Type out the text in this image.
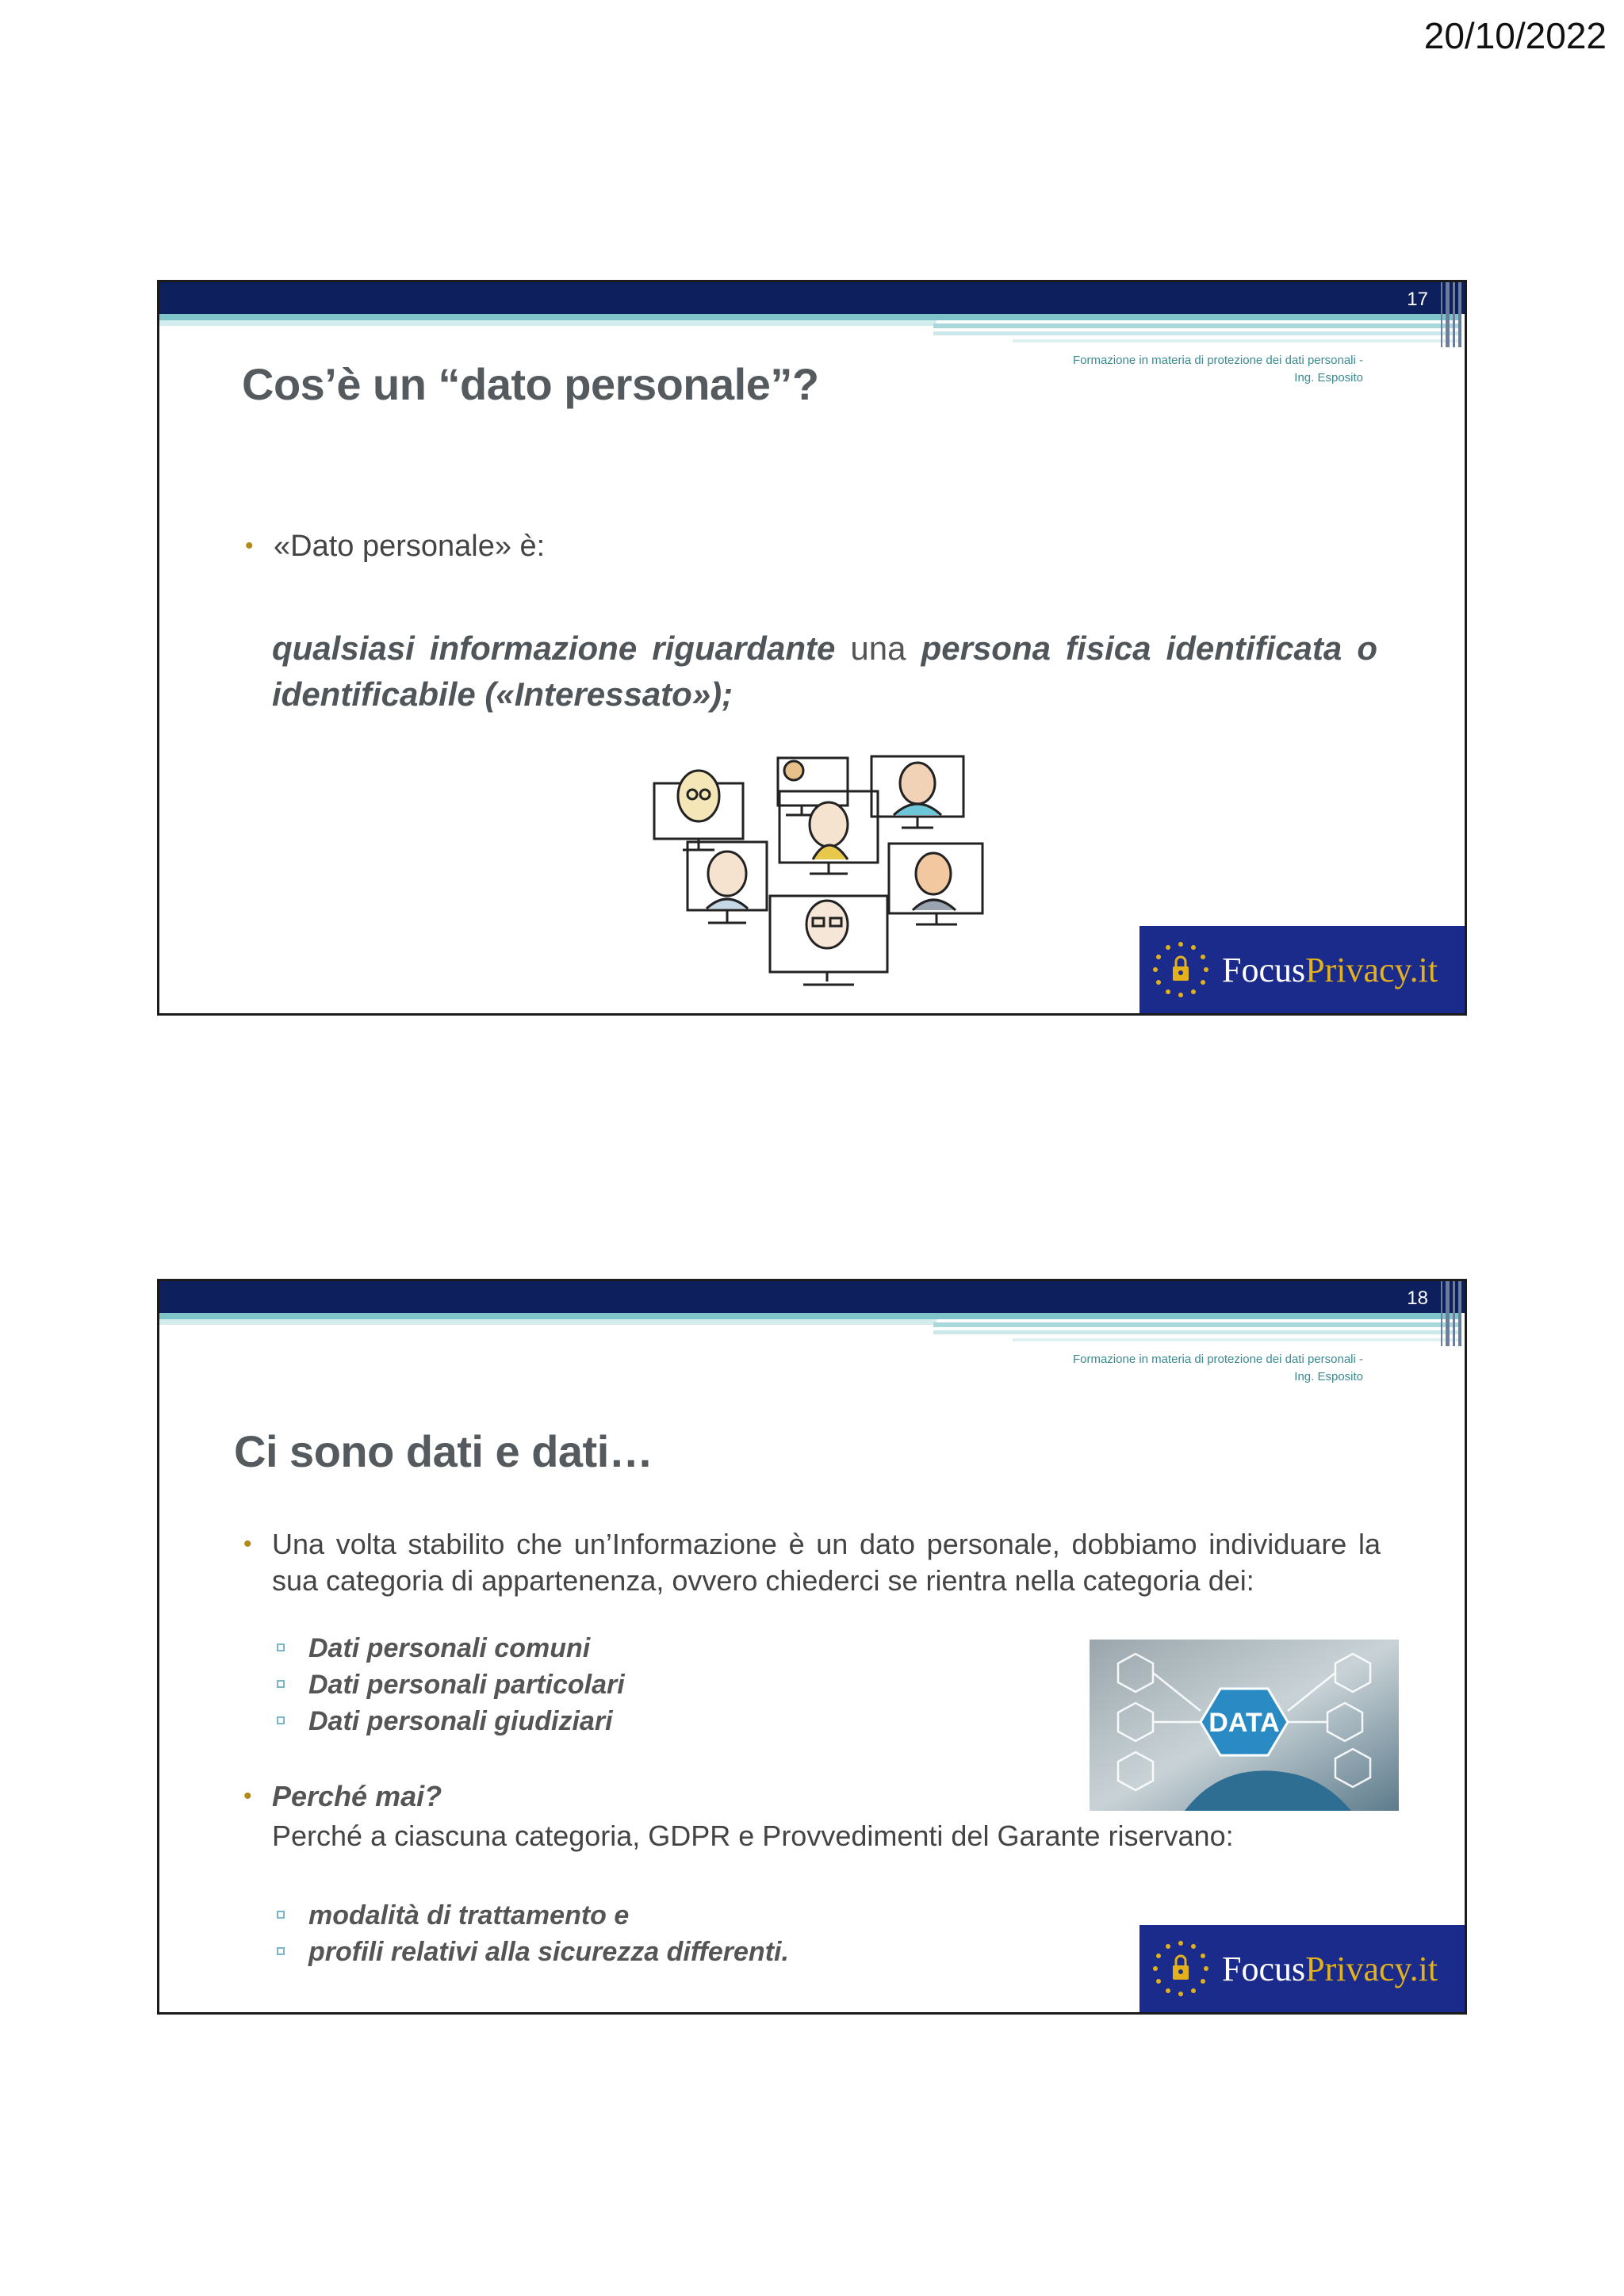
20/10/2022
17
Formazione in materia di protezione dei dati personali - Ing. Esposito
Cos’è un “dato personale”?
• «Dato personale» è:
qualsiasi informazione riguardante una persona fisica identificata o identificabile («Interessato»);
FocusPrivacy.it
18
Formazione in materia di protezione dei dati personali - Ing. Esposito
Ci sono dati e dati…
• Una volta stabilito che un’Informazione è un dato personale, dobbiamo individuare la sua categoria di appartenenza, ovvero chiederci se rientra nella categoria dei:
Dati personali comuni
Dati personali particolari
Dati personali giudiziari	DATA
• Perché mai?
Perché a ciascuna categoria, GDPR e Provvedimenti del Garante riservano:
modalità di trattamento e
profili relativi alla sicurezza differenti.	FocusPrivacy.it
